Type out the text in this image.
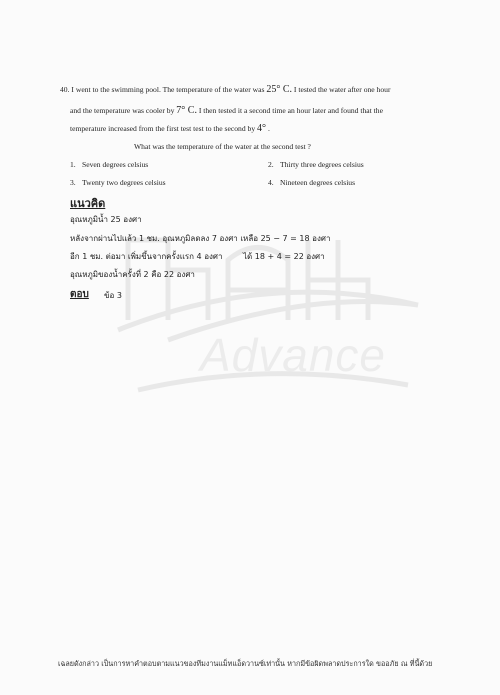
Advance
40. I went to the swimming pool. The temperature of the water was 25° C. I tested the water after one hour
and the temperature was cooler by 7° C. I then tested it a second time an hour later and found that the
temperature increased from the first test test to the second by 4° .
What was the temperature of the water at the second test ?
1. Seven degrees celsius	2. Thirty three degrees celsius
3. Twenty two degrees celsius	4. Nineteen degrees celsius
แนวคิด
อุณหภูมิน้ำ 25 องศา
หลังจากผ่านไปแล้ว 1 ชม. อุณหภูมิลดลง 7 องศา เหลือ 25 − 7 = 18 องศา
อีก 1 ชม. ต่อมา เพิ่มขึ้นจากครั้งแรก 4 องศา	ได้ 18 + 4 = 22 องศา
อุณหภูมิของน้ำครั้งที่ 2 คือ 22 องศา
ตอบ ข้อ 3
เฉลยดังกล่าว เป็นการหาคำตอบตามแนวของทีมงานแม็ทแอ็ดวานซ์เท่านั้น หากมีข้อผิดพลาดประการใด ขออภัย ณ ที่นี้ด้วย
